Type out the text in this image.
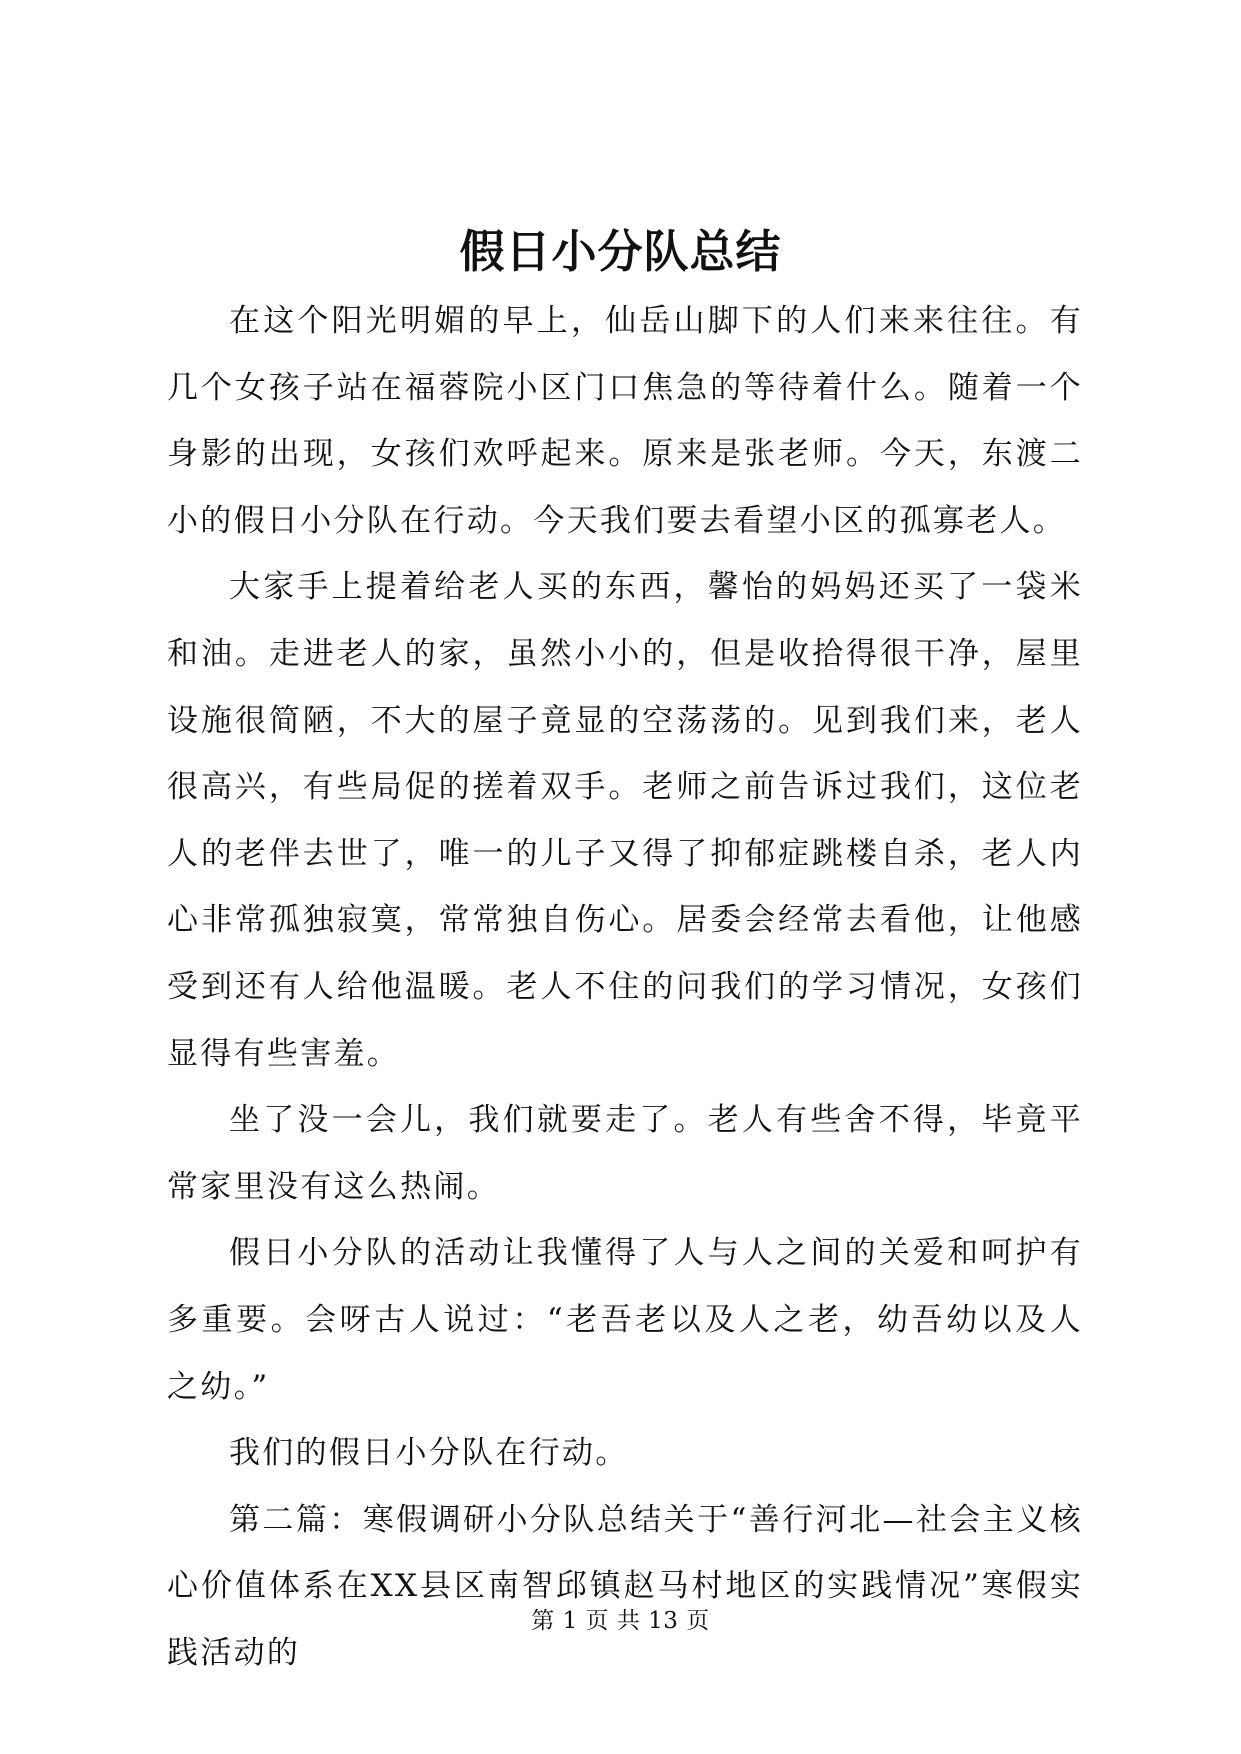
假日小分队总结

在这个阳光明媚的早上，仙岳山脚下的人们来来往往。有几个女孩子站在福蓉院小区门口焦急的等待着什么。随着一个身影的出现，女孩们欢呼起来。原来是张老师。今天，东渡二小的假日小分队在行动。今天我们要去看望小区的孤寡老人。

大家手上提着给老人买的东西，馨怡的妈妈还买了一袋米和油。走进老人的家，虽然小小的，但是收拾得很干净，屋里设施很简陋，不大的屋子竟显的空荡荡的。见到我们来，老人很高兴，有些局促的搓着双手。老师之前告诉过我们，这位老人的老伴去世了，唯一的儿子又得了抑郁症跳楼自杀，老人内心非常孤独寂寞，常常独自伤心。居委会经常去看他，让他感受到还有人给他温暖。老人不住的问我们的学习情况，女孩们显得有些害羞。

坐了没一会儿，我们就要走了。老人有些舍不得，毕竟平常家里没有这么热闹。

假日小分队的活动让我懂得了人与人之间的关爱和呵护有多重要。会呀古人说过：“老吾老以及人之老，幼吾幼以及人之幼。”

我们的假日小分队在行动。

第二篇：寒假调研小分队总结关于“善行河北—社会主义核心价值体系在XX县区南智邱镇赵马村地区的实践情况”寒假实践活动的

第 1 页 共 13 页
